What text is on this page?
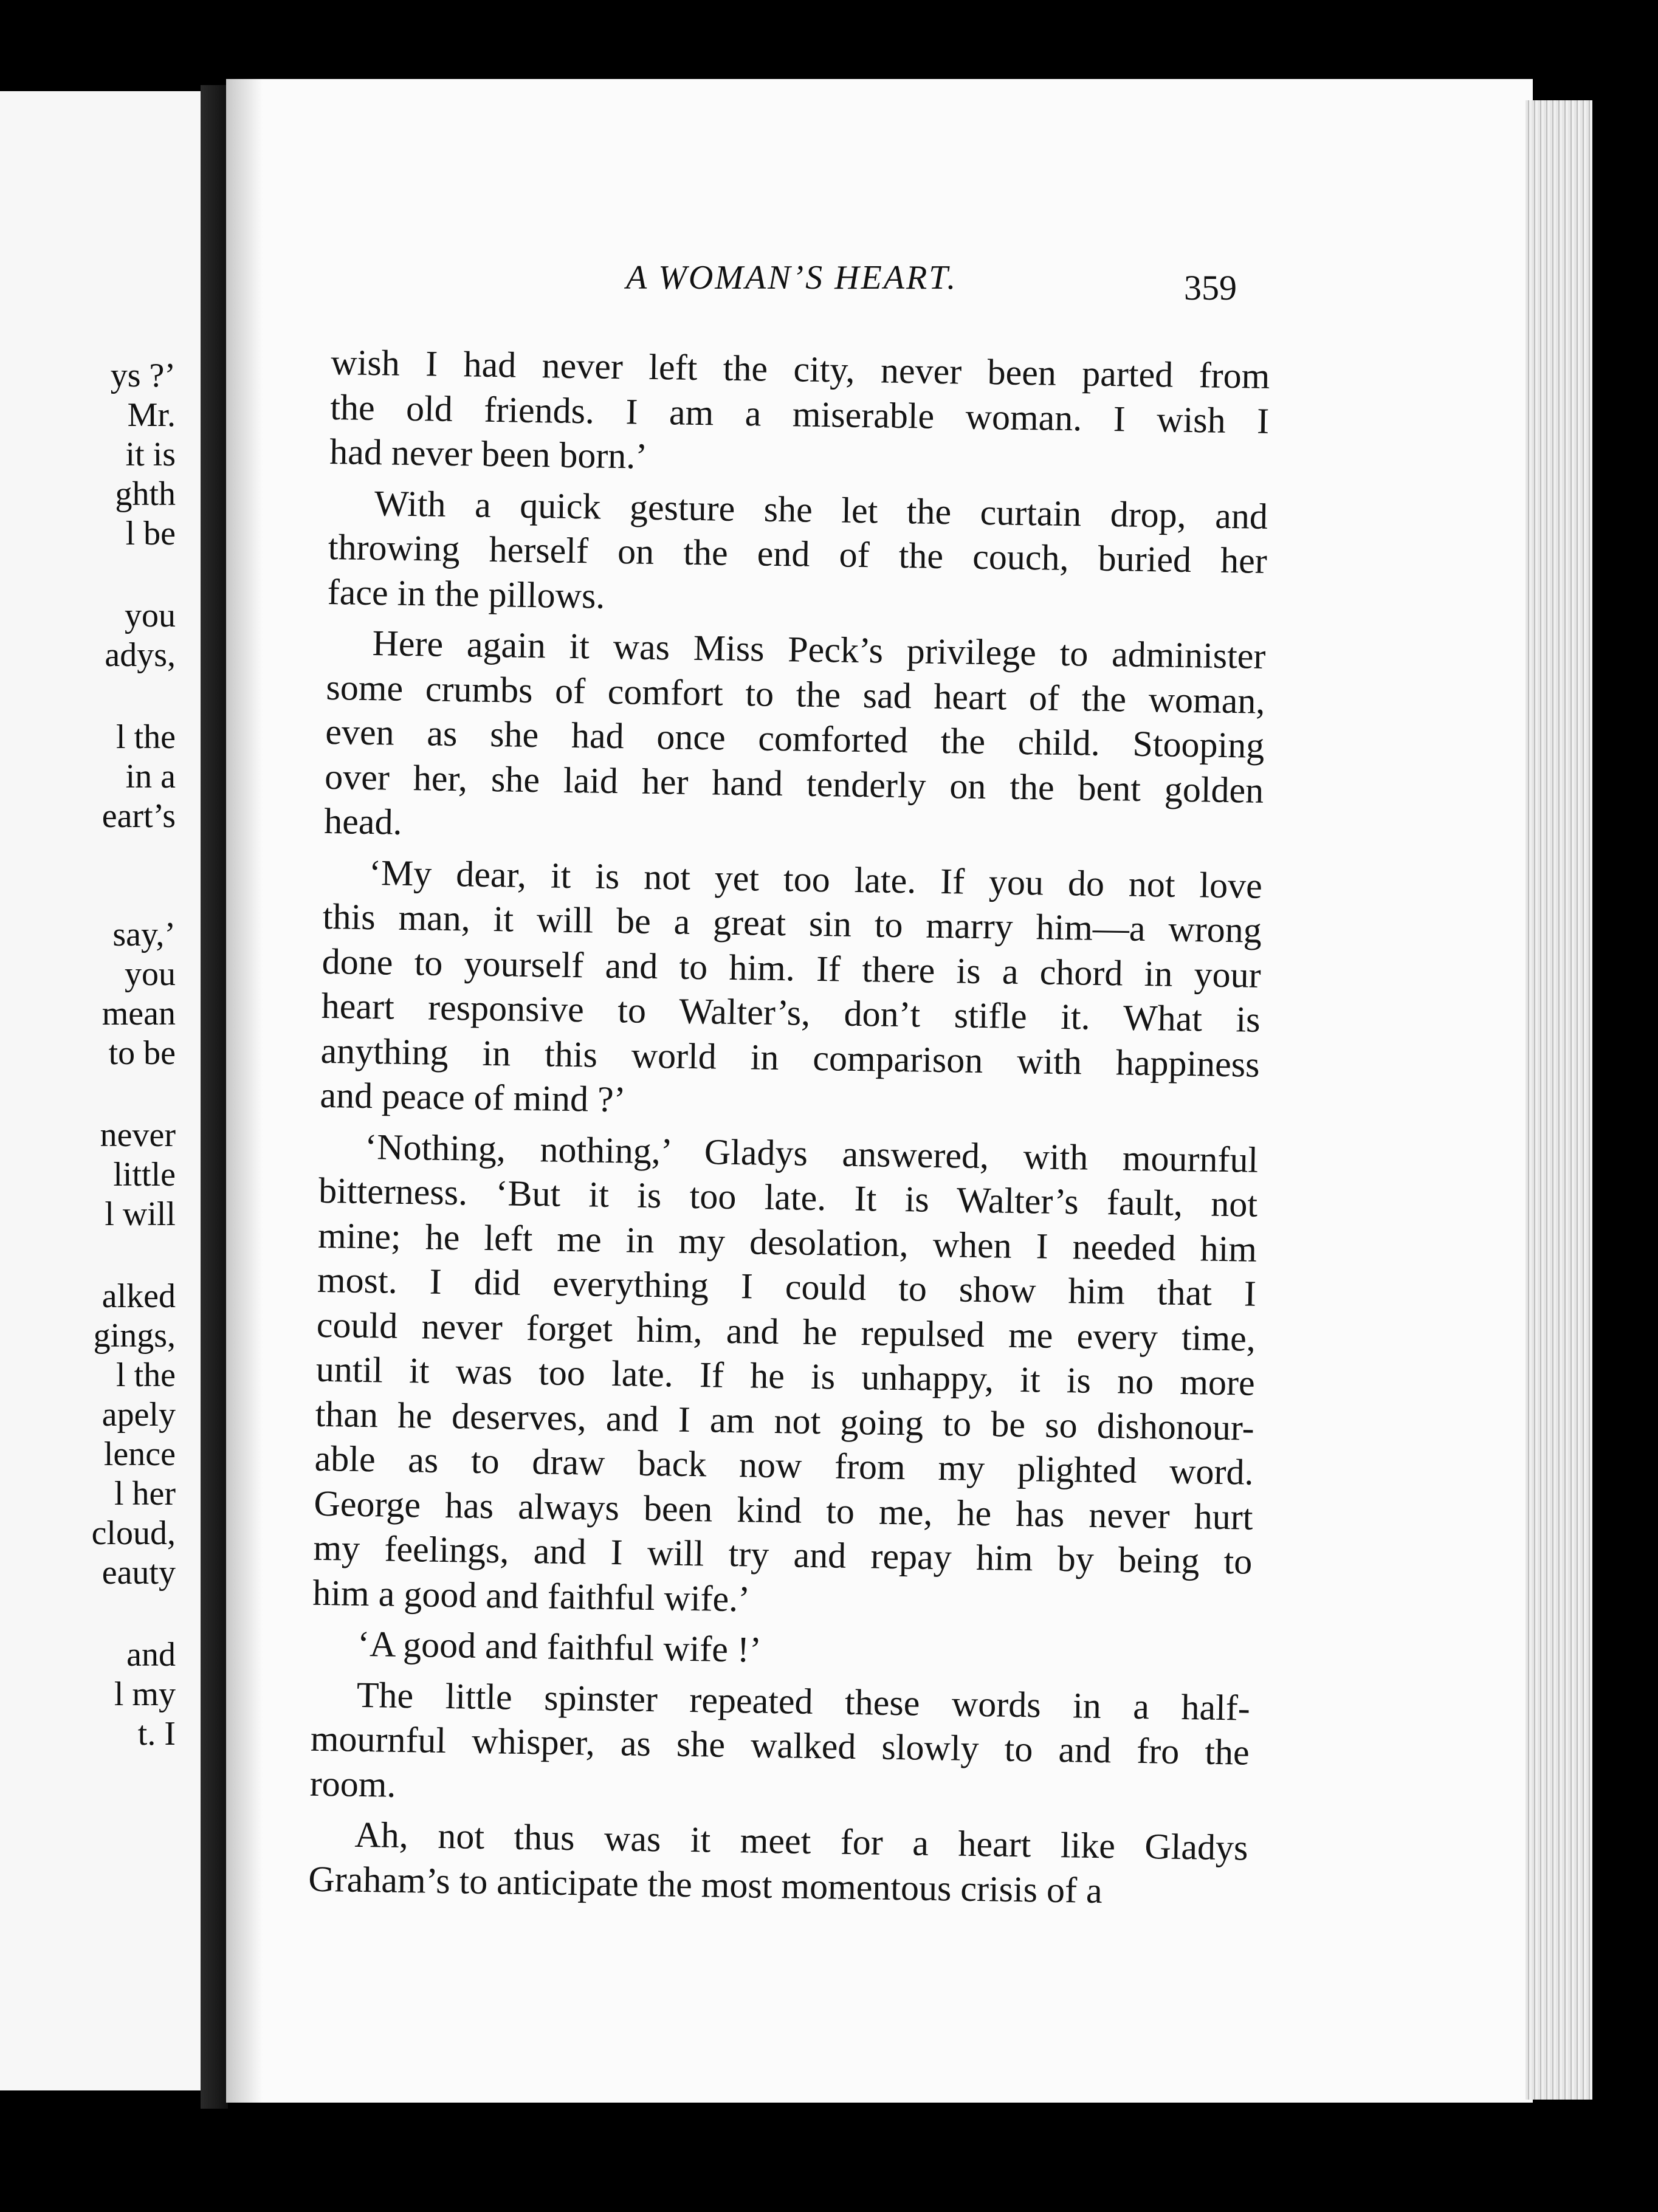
ys ?’
Mr.
it is
ghth
l be
you
adys,
l the
in a
eart’s
say,’
you
mean
to be
never
little
l will
alked
gings,
l the
apely
lence
l her
cloud,
eauty
and
l my
t. I
A WOMAN’S HEART.	359
wish I had never left the city, never been parted from
the old friends. I am a miserable woman. I wish I
had never been born.’
With a quick gesture she let the curtain drop, and
throwing herself on the end of the couch, buried her
face in the pillows.
Here again it was Miss Peck’s privilege to administer
some crumbs of comfort to the sad heart of the woman,
even as she had once comforted the child. Stooping
over her, she laid her hand tenderly on the bent golden
head.
‘My dear, it is not yet too late. If you do not love
this man, it will be a great sin to marry him—a wrong
done to yourself and to him. If there is a chord in your
heart responsive to Walter’s, don’t stifle it. What is
anything in this world in comparison with happiness
and peace of mind ?’
‘Nothing, nothing,’ Gladys answered, with mournful
bitterness. ‘But it is too late. It is Walter’s fault, not
mine; he left me in my desolation, when I needed him
most. I did everything I could to show him that I
could never forget him, and he repulsed me every time,
until it was too late. If he is unhappy, it is no more
than he deserves, and I am not going to be so dishonour-
able as to draw back now from my plighted word.
George has always been kind to me, he has never hurt
my feelings, and I will try and repay him by being to
him a good and faithful wife.’
‘A good and faithful wife !’
The little spinster repeated these words in a half-
mournful whisper, as she walked slowly to and fro the
room.
Ah, not thus was it meet for a heart like Gladys
Graham’s to anticipate the most momentous crisis of a
